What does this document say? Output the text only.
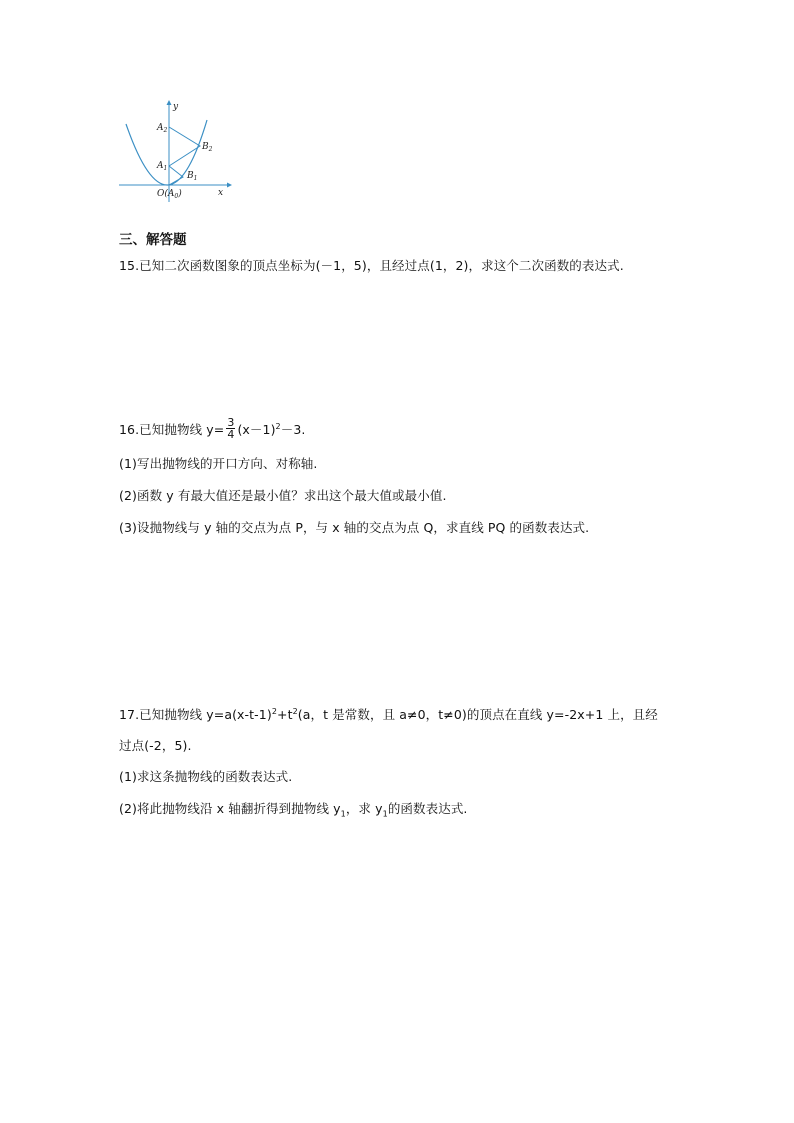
y
x
$A_2$
$A_1$
$B_2$
$B_1$
$O(A_0)$
三、解答题
15.已知二次函数图象的顶点坐标为(－1，5)，且经过点(1，2)，求这个二次函数的表达式.
16.已知抛物线 $y= \frac{3}{4} (x-1)^2-3$.
(1)写出抛物线的开口方向、对称轴.
(2)函数 y 有最大值还是最小值？求出这个最大值或最小值.
(3)设抛物线与 y 轴的交点为点 P，与 x 轴的交点为点 Q，求直线 PQ 的函数表达式.
17.已知抛物线 $y=a(x-t-1)^2+t^2(a$，t 是常数，且 a≠0，t≠0)的顶点在直线 y=-2x+1 上，且经
过点(-2，5).
(1)求这条抛物线的函数表达式.
(2)将此抛物线沿 x 轴翻折得到抛物线 $y_1$，求 $y_1$的函数表达式.
